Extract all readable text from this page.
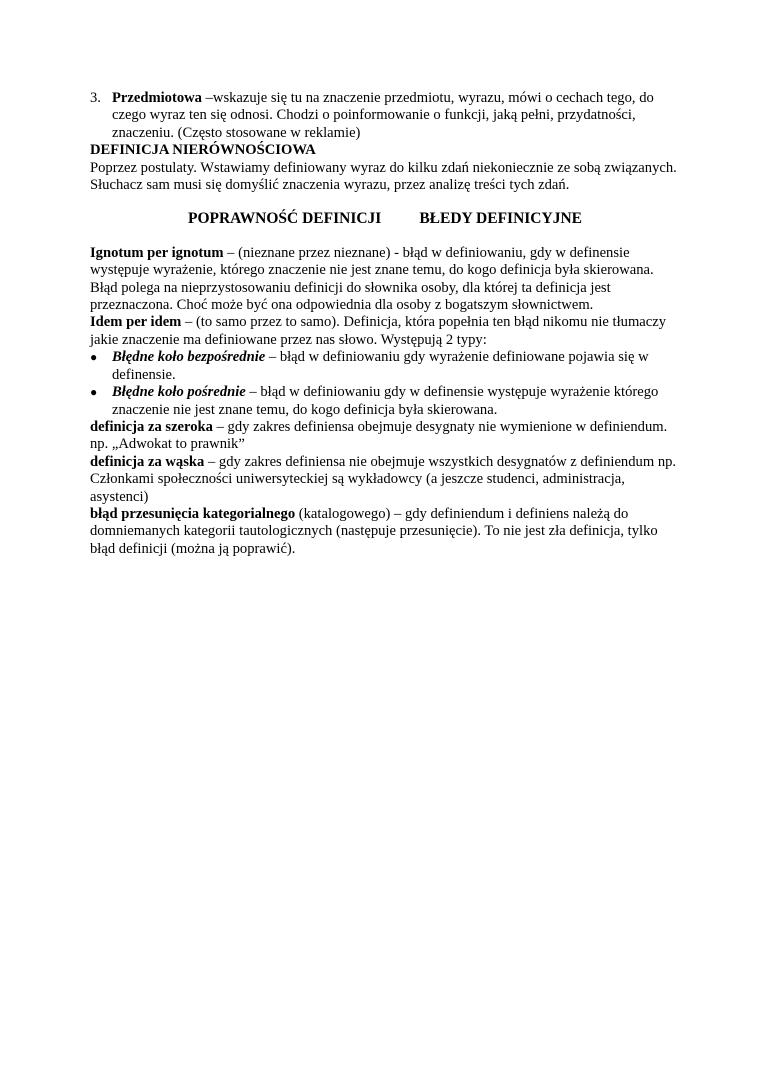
3. Przedmiotowa –wskazuje się tu na znaczenie przedmiotu, wyrazu, mówi o cechach tego, do czego wyraz ten się odnosi. Chodzi o poinformowanie o funkcji, jaką pełni, przydatności, znaczeniu. (Często stosowane w reklamie)
DEFINICJA NIERÓWNOŚCIOWA
Poprzez postulaty. Wstawiamy definiowany wyraz do kilku zdań niekoniecznie ze sobą związanych. Słuchacz sam musi się domyślić znaczenia wyrazu, przez analizę treści tych zdań.
POPRAWNOŚĆ DEFINICJI BŁEDY DEFINICYJNE
Ignotum per ignotum – (nieznane przez nieznane) - błąd w definiowaniu, gdy w definensie występuje wyrażenie, którego znaczenie nie jest znane temu, do kogo definicja była skierowana. Błąd polega na nieprzystosowaniu definicji do słownika osoby, dla której ta definicja jest przeznaczona. Choć może być ona odpowiednia dla osoby z bogatszym słownictwem.
Idem per idem – (to samo przez to samo). Definicja, która popełnia ten błąd nikomu nie tłumaczy jakie znaczenie ma definiowane przez nas słowo. Występują 2 typy:
●	Błędne koło bezpośrednie – błąd w definiowaniu gdy wyrażenie definiowane pojawia się w definensie.
●	Błędne koło pośrednie – błąd w definiowaniu gdy w definensie występuje wyrażenie którego znaczenie nie jest znane temu, do kogo definicja była skierowana.
definicja za szeroka – gdy zakres definiensa obejmuje desygnaty nie wymienione w definiendum. np. „Adwokat to prawnik”
definicja za wąska – gdy zakres definiensa nie obejmuje wszystkich desygnatów z definiendum np. Członkami społeczności uniwersyteckiej są wykładowcy (a jeszcze studenci, administracja, asystenci)
błąd przesunięcia kategorialnego (katalogowego) – gdy definiendum i definiens należą do domniemanych kategorii tautologicznych (następuje przesunięcie). To nie jest zła definicja, tylko błąd definicji (można ją poprawić).
